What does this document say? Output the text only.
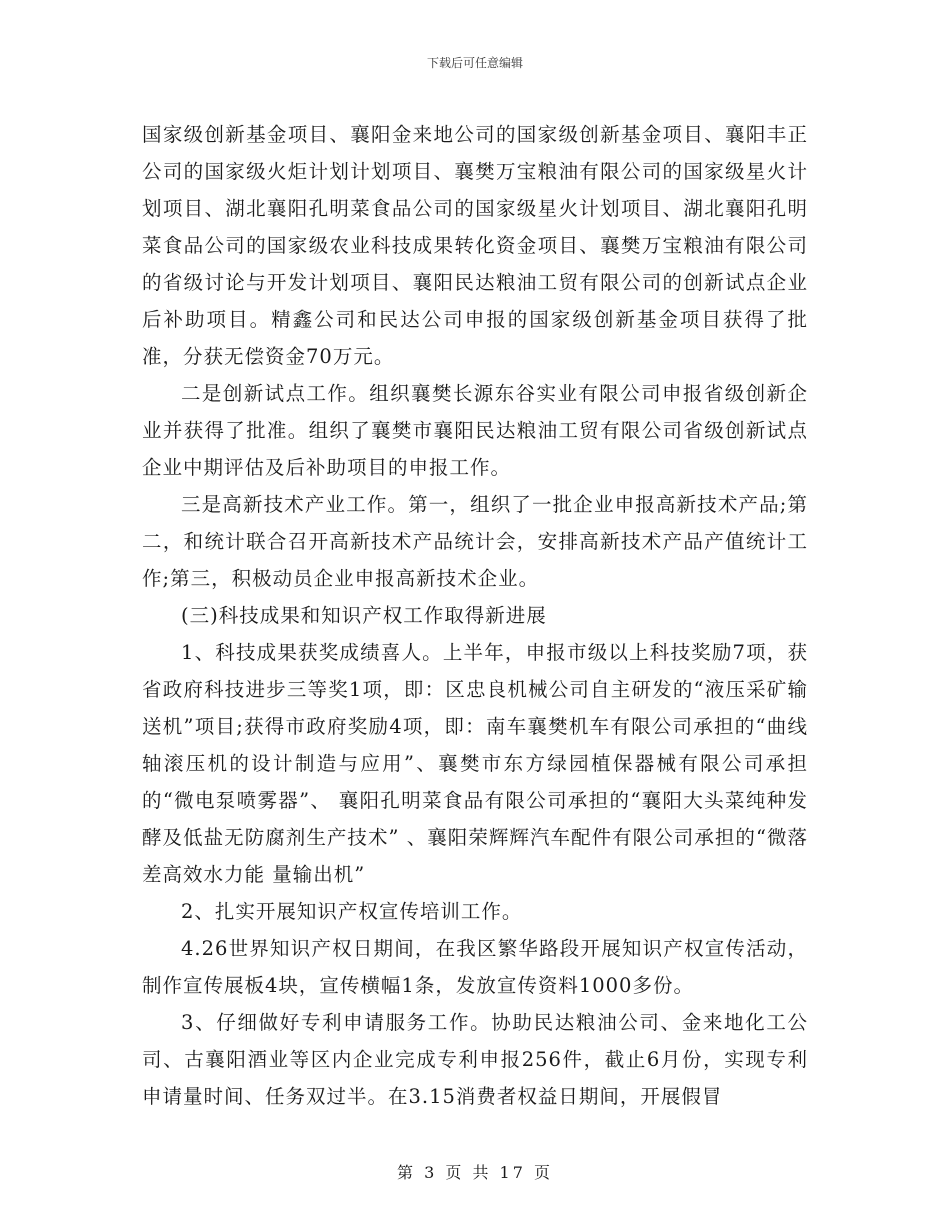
下载后可任意编辑

国家级创新基金项目、襄阳金来地公司的国家级创新基金项目、襄阳丰正公司的国家级火炬计划计划项目、襄樊万宝粮油有限公司的国家级星火计划项目、湖北襄阳孔明菜食品公司的国家级星火计划项目、湖北襄阳孔明菜食品公司的国家级农业科技成果转化资金项目、襄樊万宝粮油有限公司的省级讨论与开发计划项目、襄阳民达粮油工贸有限公司的创新试点企业后补助项目。精鑫公司和民达公司申报的国家级创新基金项目获得了批准，分获无偿资金70万元。

二是创新试点工作。组织襄樊长源东谷实业有限公司申报省级创新企业并获得了批准。组织了襄樊市襄阳民达粮油工贸有限公司省级创新试点企业中期评估及后补助项目的申报工作。

三是高新技术产业工作。第一，组织了一批企业申报高新技术产品;第二，和统计联合召开高新技术产品统计会，安排高新技术产品产值统计工作;第三，积极动员企业申报高新技术企业。

(三)科技成果和知识产权工作取得新进展

1、科技成果获奖成绩喜人。上半年，申报市级以上科技奖励7项，获省政府科技进步三等奖1项，即：区忠良机械公司自主研发的“液压采矿输送机”项目;获得市政府奖励4项，即：南车襄樊机车有限公司承担的“曲线轴滚压机的设计制造与应用”、襄樊市东方绿园植保器械有限公司承担的“微电泵喷雾器”、 襄阳孔明菜食品有限公司承担的“襄阳大头菜纯种发酵及低盐无防腐剂生产技术” 、襄阳荣辉辉汽车配件有限公司承担的“微落差高效水力能 量输出机”

2、扎实开展知识产权宣传培训工作。

4.26世界知识产权日期间，在我区繁华路段开展知识产权宣传活动，制作宣传展板4块，宣传横幅1条，发放宣传资料1000多份。

3、仔细做好专利申请服务工作。协助民达粮油公司、金来地化工公司、古襄阳酒业等区内企业完成专利申报256件，截止6月份，实现专利申请量时间、任务双过半。在3.15消费者权益日期间，开展假冒

第 3 页 共 17 页
